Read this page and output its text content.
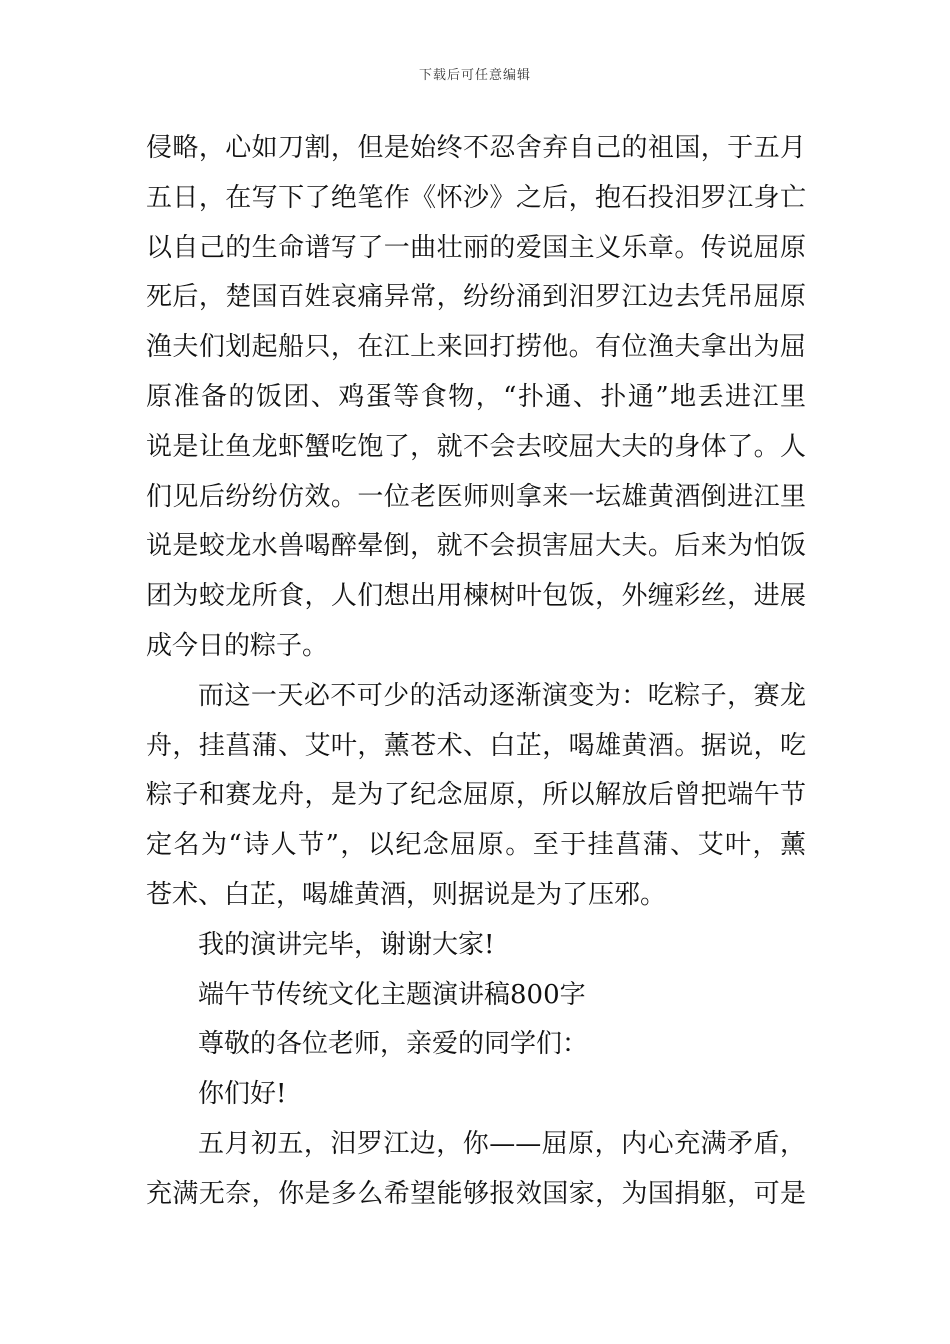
下载后可任意编辑
侵略，心如刀割，但是始终不忍舍弃自己的祖国，于五月
五日，在写下了绝笔作《怀沙》之后，抱石投汨罗江身亡
以自己的生命谱写了一曲壮丽的爱国主义乐章。传说屈原
死后，楚国百姓哀痛异常，纷纷涌到汨罗江边去凭吊屈原
渔夫们划起船只，在江上来回打捞他。有位渔夫拿出为屈
原准备的饭团、鸡蛋等食物，“扑通、扑通”地丢进江里
说是让鱼龙虾蟹吃饱了，就不会去咬屈大夫的身体了。人
们见后纷纷仿效。一位老医师则拿来一坛雄黄酒倒进江里
说是蛟龙水兽喝醉晕倒，就不会损害屈大夫。后来为怕饭
团为蛟龙所食，人们想出用楝树叶包饭，外缠彩丝，进展
成今日的粽子。
而这一天必不可少的活动逐渐演变为：吃粽子，赛龙
舟，挂菖蒲、艾叶，薰苍术、白芷，喝雄黄酒。据说，吃
粽子和赛龙舟，是为了纪念屈原，所以解放后曾把端午节
定名为“诗人节”，以纪念屈原。至于挂菖蒲、艾叶，薰
苍术、白芷，喝雄黄酒，则据说是为了压邪。
我的演讲完毕，谢谢大家!
端午节传统文化主题演讲稿800字
尊敬的各位老师，亲爱的同学们：
你们好!
五月初五，汨罗江边，你——屈原，内心充满矛盾，
充满无奈，你是多么希望能够报效国家，为国捐躯，可是
